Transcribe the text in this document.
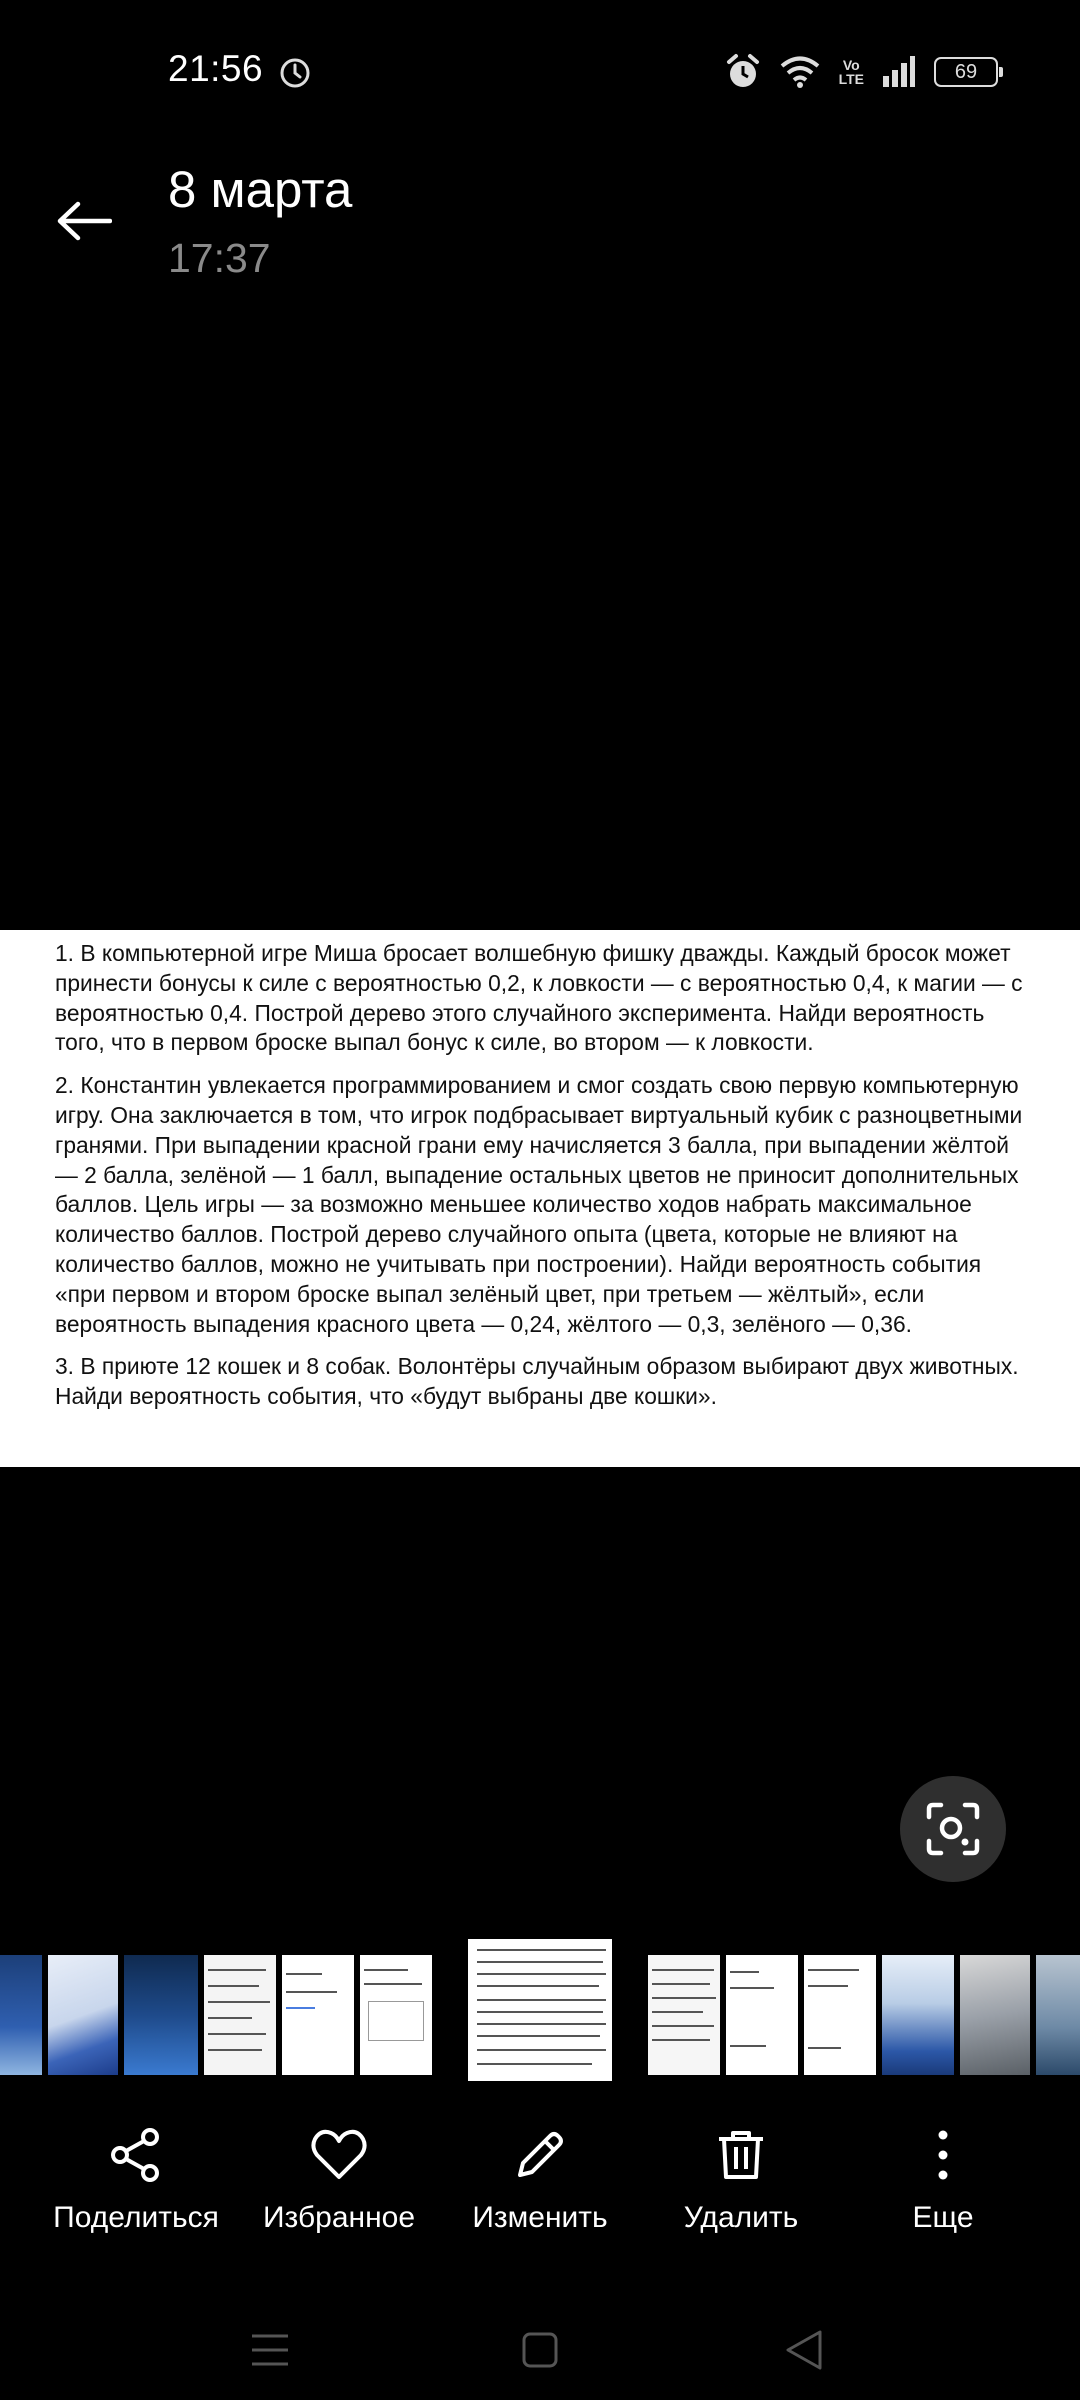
21:56	Vo
LTE	69
8 марта
17:37

1. В компьютерной игре Миша бросает волшебную фишку дважды. Каждый бросок может принести бонусы к силе с вероятностью 0,2, к ловкости — с вероятностью 0,4, к магии — с вероятностью 0,4. Построй дерево этого случайного эксперимента. Найди вероятность того, что в первом броске выпал бонус к силе, во втором — к ловкости.

2. Константин увлекается программированием и смог создать свою первую компьютерную игру. Она заключается в том, что игрок подбрасывает виртуальный кубик с разноцветными гранями. При выпадении красной грани ему начисляется 3 балла, при выпадении жёлтой — 2 балла, зелёной — 1 балл, выпадение остальных цветов не приносит дополнительных баллов. Цель игры — за возможно меньшее количество ходов набрать максимальное количество баллов. Построй дерево случайного опыта (цвета, которые не влияют на количество баллов, можно не учитывать при построении). Найди вероятность события «при первом и втором броске выпал зелёный цвет, при третьем — жёлтый», если вероятность выпадения красного цвета — 0,24, жёлтого — 0,3, зелёного — 0,36.

3. В приюте 12 кошек и 8 собак. Волонтёры случайным образом выбирают двух животных. Найди вероятность события, что «будут выбраны две кошки».

Поделиться Избранное Изменить	Удалить	Еще
